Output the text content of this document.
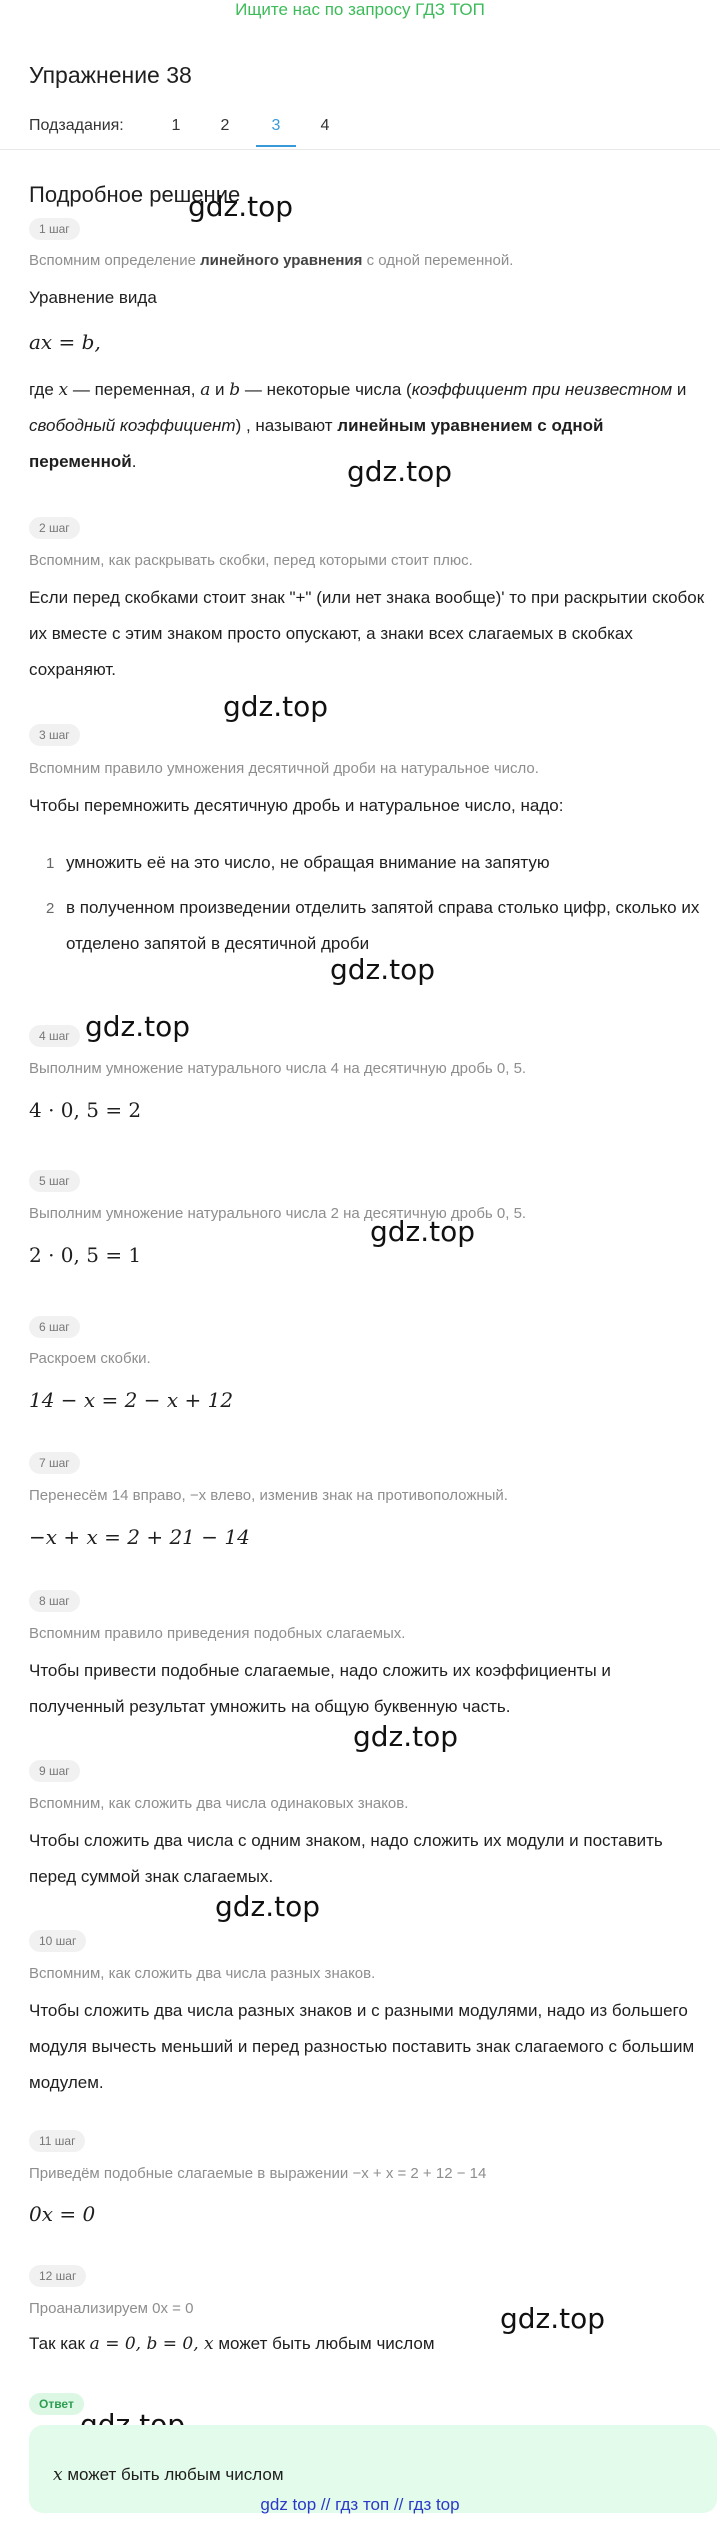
Ищите нас по запросу ГДЗ ТОП
Упражнение 38
Подзадания:	1	2	3	4
Подробное решение
gdz.top
gdz.top
gdz.top
gdz.top
gdz.top
gdz.top
gdz.top
gdz.top
gdz.top
1 шаг
Вспомним определение линейного уравнения с одной переменной.
Уравнение вида
ax = b,
где x — переменная, a и b — некоторые числа (коэффициент при неизвестном и свободный коэффициент) , называют линейным уравнением с одной переменной.
2 шаг
Вспомним, как раскрывать скобки, перед которыми стоит плюс.
Если перед скобками стоит знак "+" (или нет знака вообще)' то при раскрытии скобок их вместе с этим знаком просто опускают, а знаки всех слагаемых в скобках сохраняют.
3 шаг
Вспомним правило умножения десятичной дроби на натуральное число.
Чтобы перемножить десятичную дробь и натуральное число, надо:
1 умножить её на это число, не обращая внимание на запятую
2 в полученном произведении отделить запятой справа столько цифр, сколько их отделено запятой в десятичной дроби
4 шаг
Выполним умножение натурального числа 4 на десятичную дробь 0, 5.
4 · 0, 5 = 2
5 шаг
Выполним умножение натурального числа 2 на десятичную дробь 0, 5.
2 · 0, 5 = 1
6 шаг
Раскроем скобки.
14 − x = 2 − x + 12
7 шаг
Перенесём 14 вправо, −x влево, изменив знак на противоположный.
−x + x = 2 + 21 − 14
8 шаг
Вспомним правило приведения подобных слагаемых.
Чтобы привести подобные слагаемые, надо сложить их коэффициенты и полученный результат умножить на общую буквенную часть.
9 шаг
Вспомним, как сложить два числа одинаковых знаков.
Чтобы сложить два числа с одним знаком, надо сложить их модули и поставить перед суммой знак слагаемых.
10 шаг
Вспомним, как сложить два числа разных знаков.
Чтобы сложить два числа разных знаков и с разными модулями, надо из большего модуля вычесть меньший и перед разностью поставить знак слагаемого с большим модулем.
11 шаг
Приведём подобные слагаемые в выражении −x + x = 2 + 12 − 14
0x = 0
12 шаг
Проанализируем 0x = 0
Так как a = 0, b = 0, x может быть любым числом
Ответ
x может быть любым числом
gdz top // гдз топ // гдз top
